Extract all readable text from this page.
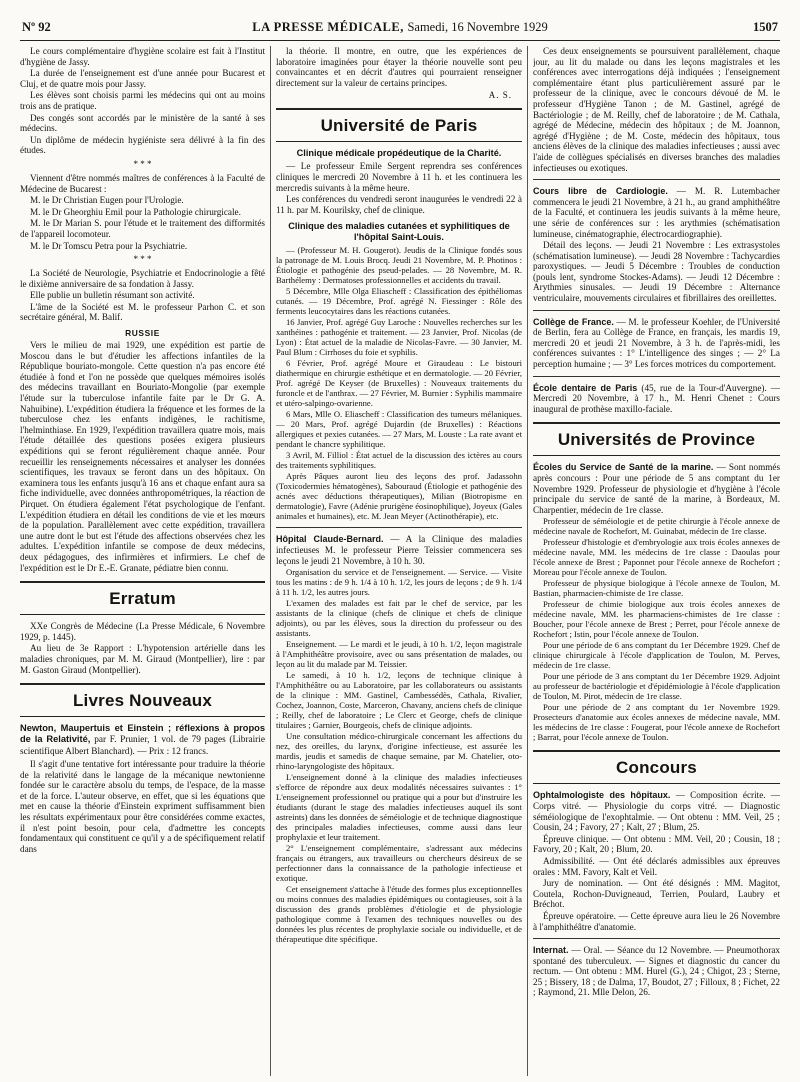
Nº 92	LA PRESSE MÉDICALE, Samedi, 16 Novembre 1929	1507

Le cours complémentaire d'hygiène scolaire est fait à l'Institut d'hygiène de Jassy.

La durée de l'enseignement est d'une année pour Bucarest et Cluj, et de quatre mois pour Jassy.

Les élèves sont choisis parmi les médecins qui ont au moins trois ans de pratique.

Des congés sont accordés par le ministère de la santé à ses médecins.

Un diplôme de médecin hygiéniste sera délivré à la fin des études.

* * *

Viennent d'être nommés maîtres de conférences à la Faculté de Médecine de Bucarest :

M. le Dr Christian Eugen pour l'Urologie.

M. le Dr Gheorghiu Emil pour la Pathologie chirurgicale.

M. le Dr Marian S. pour l'étude et le traitement des difformités de l'appareil locomoteur.

M. le Dr Tomscu Petra pour la Psychiatrie.

* * *

La Société de Neurologie, Psychiatrie et Endocrinologie a fêté le dixième anniversaire de sa fondation à Jassy.

Elle publie un bulletin résumant son activité.

L'âme de la Société est M. le professeur Parhon C. et son secrétaire général, M. Balif.

RUSSIE

Vers le milieu de mai 1929, une expédition est partie de Moscou dans le but d'étudier les affections infantiles de la République bouriato-mongole. Cette question n'a pas encore été étudiée à fond et l'on ne possède que quelques mémoires isolés des médecins travaillant en Bouriato-Mongolie (par exemple l'étude sur la tuberculose infantile faite par le Dr G. A. Nahuibine). L'expédition étudiera la fréquence et les formes de la tuberculose chez les enfants indigènes, le rachitisme, l'helminthiase. En 1929, l'expédition travaillera quatre mois, mais l'étude détaillée des questions posées exigera plusieurs expéditions qui se feront régulièrement chaque année. Pour recueillir les renseignements nécessaires et analyser les données scientifiques, les travaux se feront dans un des hôpitaux. On examinera tous les enfants jusqu'à 16 ans et chaque enfant aura sa fiche individuelle, avec données anthropométriques, la réaction de Pirquet. On étudiera également l'état psychologique de l'enfant. L'expédition étudiera en détail les conditions de vie et les mœurs de la population. Parallèlement avec cette expédition, travaillera une autre dont le but est l'étude des affections observées chez les adultes. L'expédition infantile se compose de deux médecins, deux pédagogues, des infirmières et infirmiers. Le chef de l'expédition est le Dr E.-E. Granate, pédiatre bien connu.

Erratum

XXe Congrès de Médecine (La Presse Médicale, 6 Novembre 1929, p. 1445).

Au lieu de 3e Rapport : L'hypotension artérielle dans les maladies chroniques, par M. M. Giraud (Montpellier), lire : par M. Gaston Giraud (Montpellier).

Livres Nouveaux
Newton, Maupertuis et Einstein ; réflexions à propos de la Relativité, par F. Prunier, 1 vol. de 79 pages (Librairie scientifique Albert Blanchard). — Prix : 12 francs.

Il s'agit d'une tentative fort intéressante pour traduire la théorie de la relativité dans le langage de la mécanique newtonienne fondée sur le caractère absolu du temps, de l'espace, de la masse et de la force. L'auteur observe, en effet, que si les équations que met en cause la théorie d'Einstein expriment suffisamment bien les résultats expérimentaux pour être considérées comme exactes, il n'est point besoin, pour cela, d'admettre les concepts fondamentaux qui constituent ce qu'il y a de spécifiquement relatif dans

la théorie. Il montre, en outre, que les expériences de laboratoire imaginées pour étayer la théorie nouvelle sont peu convaincantes et en décrit d'autres qui pourraient renseigner directement sur la valeur de certains principes.

A. S.
Université de Paris
Clinique médicale propédeutique de la Charité.

— Le professeur Emile Sergent reprendra ses conférences cliniques le mercredi 20 Novembre à 11 h. et les continuera les mercredis suivants à la même heure.

Les conférences du vendredi seront inaugurées le vendredi 22 à 11 h. par M. Kourilsky, chef de clinique.

Clinique des maladies cutanées et syphilitiques de l'hôpital Saint-Louis.

— (Professeur M. H. Gougerot). Jeudis de la Clinique fondés sous la patronage de M. Louis Brocq. Jeudi 21 Novembre, M. P. Photinos : Étiologie et pathogénie des pseud-pelades. — 28 Novembre, M. R. Barthélemy : Dermatoses professionnelles et accidents du travail.

5 Décembre, Mlle Olga Eliascheff : Classification des épithéliomas cutanés. — 19 Décembre, Prof. agrégé N. Fiessinger : Rôle des ferments leucocytaires dans les réactions cutanées.

16 Janvier, Prof. agrégé Guy Laroche : Nouvelles recherches sur les xanthéines : pathogénie et traitement. — 23 Janvier, Prof. Nicolas (de Lyon) : État actuel de la maladie de Nicolas-Favre. — 30 Janvier, M. Paul Blum : Cirrhoses du foie et syphilis.

6 Février, Prof. agrégé Moure et Giraudeau : Le bistouri diathermique en chirurgie esthétique et en dermatologie. — 20 Février, Prof. agrégé De Keyser (de Bruxelles) : Nouveaux traitements du furoncle et de l'anthrax. — 27 Février, M. Burnier : Syphilis mammaire et utéro-salpingo-ovarienne.

6 Mars, Mlle O. Eliascheff : Classification des tumeurs mélaniques. — 20 Mars, Prof. agrégé Dujardin (de Bruxelles) : Réactions allergiques et pexies cutanées. — 27 Mars, M. Louste : La rate avant et pendant le chancre syphilitique.

3 Avril, M. Filliol : État actuel de la discussion des ictères au cours des traitements syphilitiques.

Après Pâques auront lieu des leçons des prof. Jadassohn (Toxicodermies hématogènes), Sabouraud (Étiologie et pathogénie des acnés avec déductions thérapeutiques), Milian (Biotropisme en dermatologie), Favre (Adénie prurigène éosinophilique), Joyeux (Gales animales et humaines), etc. M. Jean Meyer (Actinothérapie), etc.

Hôpital Claude-Bernard. — A la Clinique des maladies infectieuses M. le professeur Pierre Teissier commencera ses leçons le jeudi 21 Novembre, à 10 h. 30.

Organisation du service et de l'enseignement. — Service. — Visite tous les matins : de 9 h. 1/4 à 10 h. 1/2, les jours de leçons ; de 9 h. 1/4 à 11 h. 1/2, les autres jours.

L'examen des malades est fait par le chef de service, par les assistants de la clinique (chefs de clinique et chefs de clinique adjoints), ou par les élèves, sous la direction du professeur ou des assistants.

Enseignement. — Le mardi et le jeudi, à 10 h. 1/2, leçon magistrale à l'Amphithéâtre provisoire, avec ou sans présentation de malades, ou leçon au lit du malade par M. Teissier.

Le samedi, à 10 h. 1/2, leçons de technique clinique à l'Amphithéâtre ou au Laboratoire, par les collaborateurs ou assistants de la clinique : MM. Gastinel, Cambessédès, Cathala, Rivalier, Cochez, Joannon, Coste, Marceron, Chavany, anciens chefs de clinique ; Reilly, chef de laboratoire ; Le Clerc et George, chefs de clinique titulaires ; Garnier, Bourgeois, chefs de clinique adjoints.

Une consultation médico-chirurgicale concernant les affections du nez, des oreilles, du larynx, d'origine infectieuse, est assurée les mardis, jeudis et samedis de chaque semaine, par M. Chatelier, oto-rhino-laryngologiste des hôpitaux.

L'enseignement donné à la clinique des maladies infectieuses s'efforce de répondre aux deux modalités nécessaires suivantes : 1° L'enseignement professionnel ou pratique qui a pour but d'instruire les étudiants (durant le stage des maladies infectieuses auquel ils sont astreints) dans les données de séméiologie et de technique diagnostique des principales maladies infectieuses, comme aussi dans leur prophylaxie et leur traitement.

2° L'enseignement complémentaire, s'adressant aux médecins français ou étrangers, aux travailleurs ou chercheurs désireux de se perfectionner dans la connaissance de la pathologie infectieuse et exotique.

Cet enseignement s'attache à l'étude des formes plus exceptionnelles ou moins connues des maladies épidémiques ou contagieuses, soit à la discussion des grands problèmes d'étiologie et de physiologie pathologique comme à l'examen des techniques nouvelles ou des données les plus récentes de prophylaxie sociale ou individuelle, et de thérapeutique dite spécifique.

Ces deux enseignements se poursuivent parallèlement, chaque jour, au lit du malade ou dans les leçons magistrales et les conférences avec interrogations déjà indiquées ; l'enseignement complémentaire étant plus particulièrement assuré par le professeur de la clinique, avec le concours dévoué de M. le professeur d'Hygiène Tanon ; de M. Gastinel, agrégé de Bactériologie ; de M. Reilly, chef de laboratoire ; de M. Cathala, agrégé de Médecine, médecin des hôpitaux ; de M. Joannon, agrégé d'Hygiène ; de M. Coste, médecin des hôpitaux, tous anciens élèves de la clinique des maladies infectieuses ; aussi avec l'aide de collègues spécialisés en diverses branches des maladies infectieuses ou exotiques.

Cours libre de Cardiologie. — M. R. Lutembacher commencera le jeudi 21 Novembre, à 21 h., au grand amphithéâtre de la Faculté, et continuera les jeudis suivants à la même heure, une série de conférences sur : les arythmies (schématisation lumineuse, cinématographie, électrocardiographie).

Détail des leçons. — Jeudi 21 Novembre : Les extrasystoles (schématisation lumineuse). — Jeudi 28 Novembre : Tachycardies paroxystiques. — Jeudi 5 Décembre : Troubles de conduction (pouls lent, syndrome Stockes-Adams). — Jeudi 12 Décembre : Arythmies sinusales. — Jeudi 19 Décembre : Alternance ventriculaire, mouvements circulaires et fibrillaires des oreillettes.

Collège de France. — M. le professeur Koehler, de l'Université de Berlin, fera au Collège de France, en français, les mardis 19, mercredi 20 et jeudi 21 Novembre, à 3 h. de l'après-midi, les conférences suivantes : 1° L'intelligence des singes ; — 2° La perception humaine ; — 3° Les forces motrices du comportement.

École dentaire de Paris (45, rue de la Tour-d'Auvergne). — Mercredi 20 Novembre, à 17 h., M. Henri Chenet : Cours inaugural de prothèse maxillo-faciale.

Universités de Province

Écoles du Service de Santé de la marine. — Sont nommés après concours : Pour une période de 5 ans comptant du 1er Novembre 1929. Professeur de physiologie et d'hygiène à l'école principale du service de santé de la marine, à Bordeaux, M. Charpentier, médecin de 1re classe.

Professeur de séméiologie et de petite chirurgie à l'école annexe de médecine navale de Rochefort, M. Guinabat, médecin de 1re classe.

Professeur d'histologie et d'embryologie aux trois écoles annexes de médecine navale, MM. les médecins de 1re classe : Daoulas pour l'école annexe de Brest ; Paponnet pour l'école annexe de Rochefort ; Moreau pour l'école annexe de Toulon.

Professeur de physique biologique à l'école annexe de Toulon, M. Bastian, pharmacien-chimiste de 1re classe.

Professeur de chimie biologique aux trois écoles annexes de médecine navale, MM. les pharmaciens-chimistes de 1re classe : Boucher, pour l'école annexe de Brest ; Perret, pour l'école annexe de Rochefort ; Istin, pour l'école annexe de Toulon.

Pour une période de 6 ans comptant du 1er Décembre 1929. Chef de clinique chirurgicale à l'école d'application de Toulon, M. Perves, médecin de 1re classe.

Pour une période de 3 ans comptant du 1er Décembre 1929. Adjoint au professeur de bactériologie et d'épidémiologie à l'école d'application de Toulon, M. Pirot, médecin de 1re classe.

Pour une période de 2 ans comptant du 1er Novembre 1929. Prosecteurs d'anatomie aux écoles annexes de médecine navale, MM. les médecins de 1re classe : Fougerat, pour l'école annexe de Rochefort ; Barrat, pour l'école annexe de Toulon.

Concours

Ophtalmologiste des hôpitaux. — Composition écrite. — Corps vitré. — Physiologie du corps vitré. — Diagnostic séméiologique de l'exophtalmie. — Ont obtenu : MM. Veil, 25 ; Cousin, 24 ; Favory, 27 ; Kalt, 27 ; Blum, 25.

Épreuve clinique. — Ont obtenu : MM. Veil, 20 ; Cousin, 18 ; Favory, 20 ; Kalt, 20 ; Blum, 20.

Admissibilité. — Ont été déclarés admissibles aux épreuves orales : MM. Favory, Kalt et Veil.

Jury de nomination. — Ont été désignés : MM. Magitot, Coutela, Rochon-Duvigneaud, Terrien, Poulard, Laubry et Bréchot.

Épreuve opératoire. — Cette épreuve aura lieu le 26 Novembre à l'amphithéâtre d'anatomie.

Internat. — Oral. — Séance du 12 Novembre. — Pneumothorax spontané des tuberculeux. — Signes et diagnostic du cancer du rectum. — Ont obtenu : MM. Hurel (G.), 24 ; Chigot, 23 ; Sterne, 25 ; Bissery, 18 ; de Dalma, 17, Boudot, 27 ; Filloux, 8 ; Fichet, 22 ; Raymond, 21. Mlle Delon, 26.
